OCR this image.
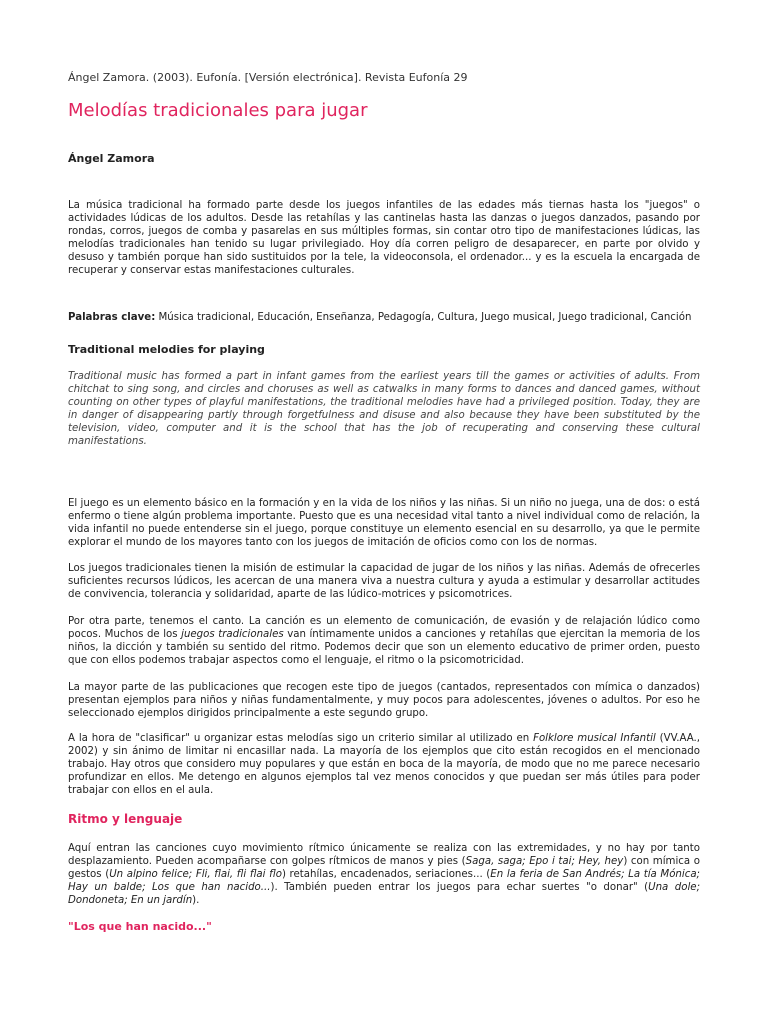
Ángel Zamora. (2003). Eufonía. [Versión electrónica]. Revista Eufonía 29
Melodías tradicionales para jugar
Ángel Zamora

La música tradicional ha formado parte desde los juegos infantiles de las edades más tiernas hasta los "juegos" o actividades lúdicas de los adultos. Desde las retahílas y las cantinelas hasta las danzas o juegos danzados, pasando por rondas, corros, juegos de comba y pasarelas en sus múltiples formas, sin contar otro tipo de manifestaciones lúdicas, las melodías tradicionales han tenido su lugar privilegiado. Hoy día corren peligro de desaparecer, en parte por olvido y desuso y también porque han sido sustituidos por la tele, la videoconsola, el ordenador... y es la escuela la encargada de recuperar y conservar estas manifestaciones culturales.

Palabras clave: Música tradicional, Educación, Enseñanza, Pedagogía, Cultura, Juego musical, Juego tradicional, Canción

Traditional melodies for playing

Traditional music has formed a part in infant games from the earliest years till the games or activities of adults. From chitchat to sing song, and circles and choruses as well as catwalks in many forms to dances and danced games, without counting on other types of playful manifestations, the traditional melodies have had a privileged position. Today, they are in danger of disappearing partly through forgetfulness and disuse and also because they have been substituted by the television, video, computer and it is the school that has the job of recuperating and conserving these cultural manifestations.

El juego es un elemento básico en la formación y en la vida de los niños y las niñas. Si un niño no juega, una de dos: o está enfermo o tiene algún problema importante. Puesto que es una necesidad vital tanto a nivel individual como de relación, la vida infantil no puede entenderse sin el juego, porque constituye un elemento esencial en su desarrollo, ya que le permite explorar el mundo de los mayores tanto con los juegos de imitación de oficios como con los de normas.

Los juegos tradicionales tienen la misión de estimular la capacidad de jugar de los niños y las niñas. Además de ofrecerles suficientes recursos lúdicos, les acercan de una manera viva a nuestra cultura y ayuda a estimular y desarrollar actitudes de convivencia, tolerancia y solidaridad, aparte de las lúdico-motrices y psicomotrices.

Por otra parte, tenemos el canto. La canción es un elemento de comunicación, de evasión y de relajación lúdico como pocos. Muchos de los juegos tradicionales van íntimamente unidos a canciones y retahílas que ejercitan la memoria de los niños, la dicción y también su sentido del ritmo. Podemos decir que son un elemento educativo de primer orden, puesto que con ellos podemos trabajar aspectos como el lenguaje, el ritmo o la psicomotricidad.

La mayor parte de las publicaciones que recogen este tipo de juegos (cantados, representados con mímica o danzados) presentan ejemplos para niños y niñas fundamentalmente, y muy pocos para adolescentes, jóvenes o adultos. Por eso he seleccionado ejemplos dirigidos principalmente a este segundo grupo.

A la hora de "clasificar" u organizar estas melodías sigo un criterio similar al utilizado en Folklore musical Infantil (VV.AA., 2002) y sin ánimo de limitar ni encasillar nada. La mayoría de los ejemplos que cito están recogidos en el mencionado trabajo. Hay otros que considero muy populares y que están en boca de la mayoría, de modo que no me parece necesario profundizar en ellos. Me detengo en algunos ejemplos tal vez menos conocidos y que puedan ser más útiles para poder trabajar con ellos en el aula.

Ritmo y lenguaje

Aquí entran las canciones cuyo movimiento rítmico únicamente se realiza con las extremidades, y no hay por tanto desplazamiento. Pueden acompañarse con golpes rítmicos de manos y pies (Saga, saga; Epo i tai; Hey, hey) con mímica o gestos (Un alpino felice; Fli, flai, fli flai flo) retahílas, encadenados, seriaciones... (En la feria de San Andrés; La tía Mónica; Hay un balde; Los que han nacido...). También pueden entrar los juegos para echar suertes "o donar" (Una dole; Dondoneta; En un jardín).

"Los que han nacido..."
